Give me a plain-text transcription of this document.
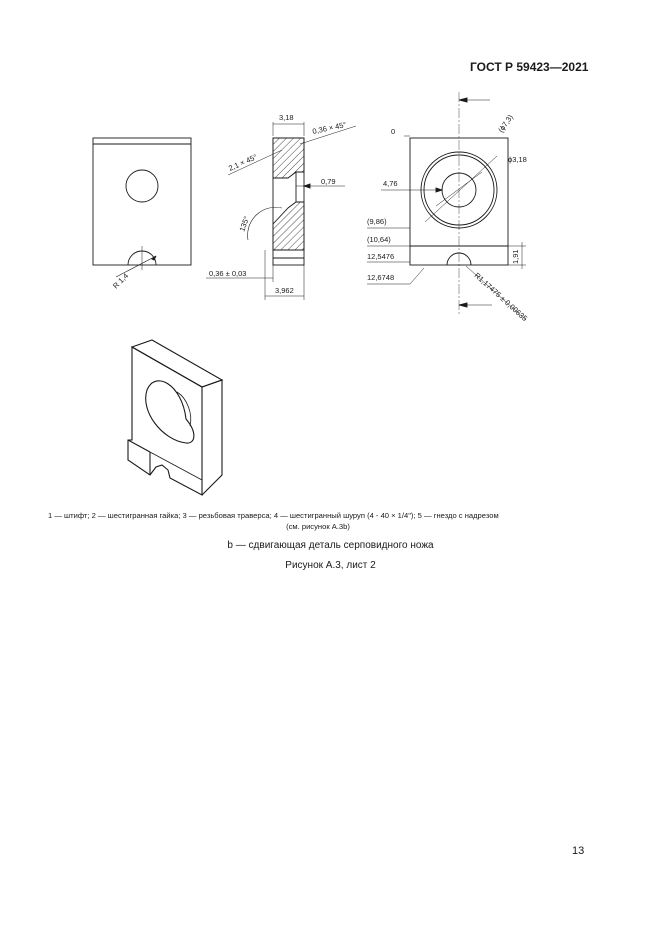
ГОСТ Р 59423—2021
R 1,4
3,18
0,36 × 45°
2,1 × 45°
0,79
135°
0,36 ± 0,03
3,962
0	(ϕ7,3)
ϕ3,18
4,76
(9,86)
(10,64)
12,5476
12,6748
1,91
R1,17475 ± 0,00635
1 — штифт; 2 — шестигранная гайка; 3 — резьбовая траверса; 4 — шестигранный шуруп (4 - 40 × 1/4"); 5 — гнездо с надрезом
(см. рисунок А.3b)
b — сдвигающая деталь серповидного ножа
Рисунок А.3, лист 2
13
